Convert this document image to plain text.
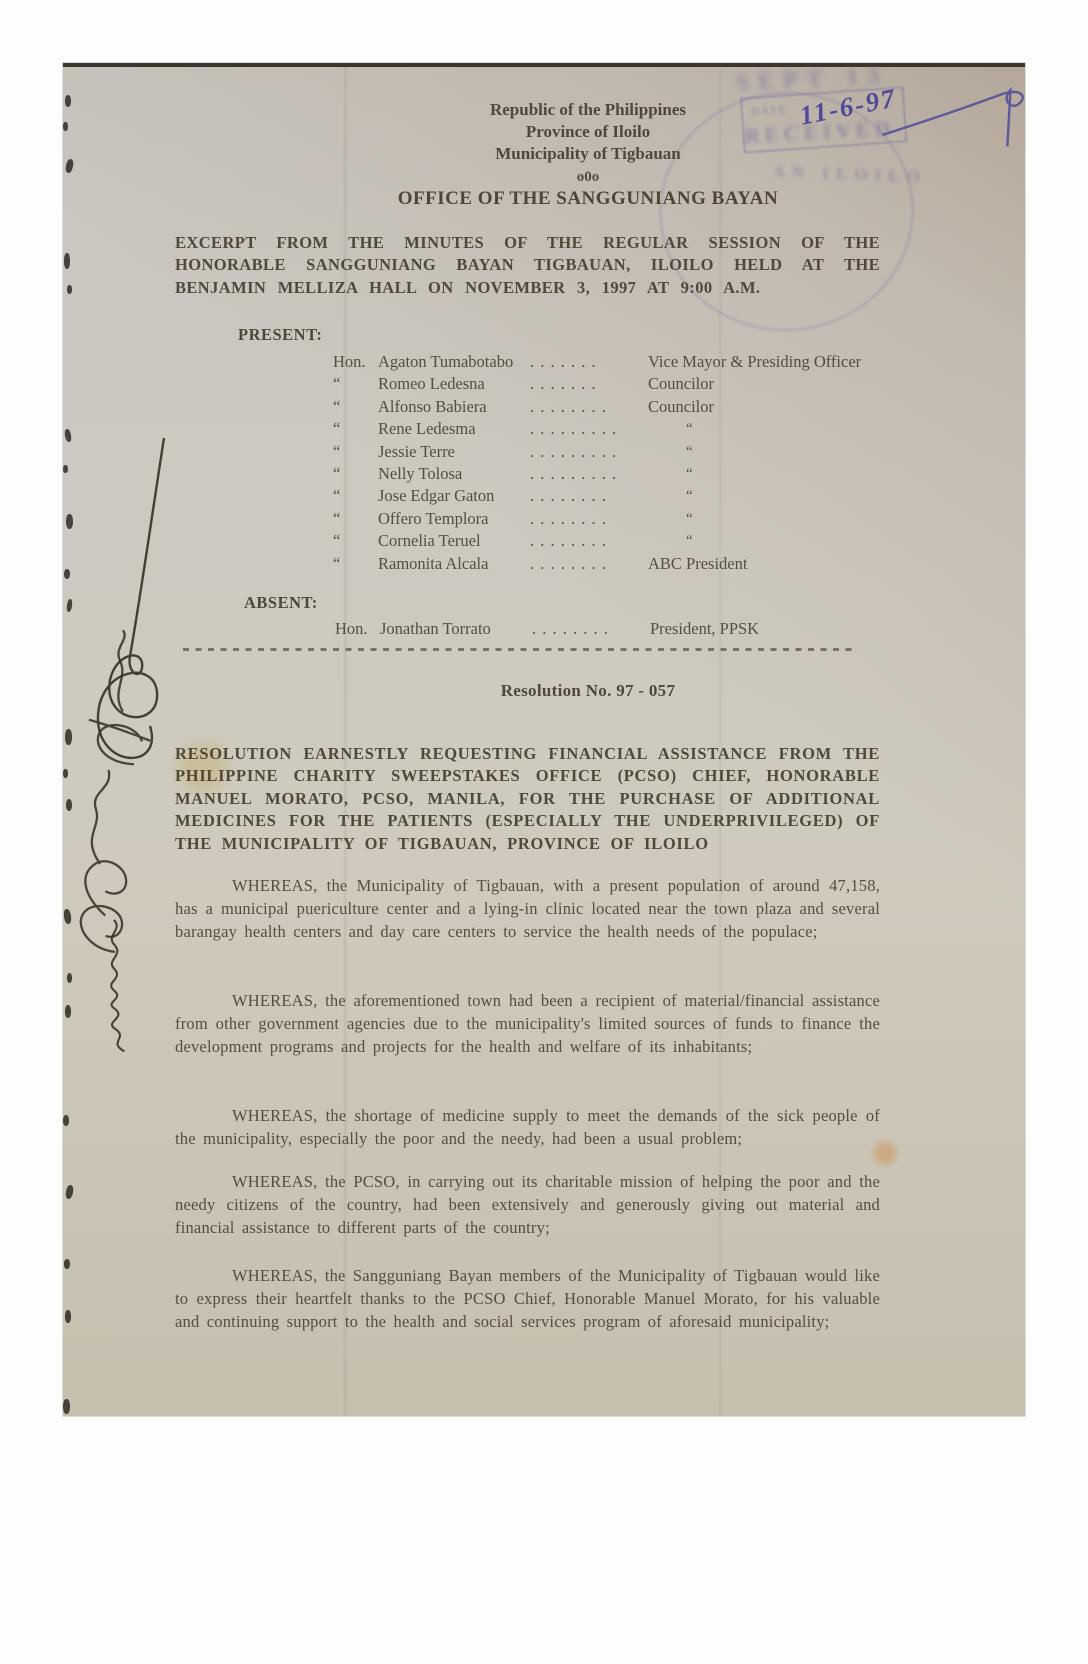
SEPT 13
DATE
RECEIVED
AN ILOILO
11-6-97
Republic of the Philippines
Province of Iloilo
Municipality of Tigbauan
o0o
OFFICE OF THE SANGGUNIANG BAYAN
EXCERPT FROM THE MINUTES OF THE REGULAR SESSION OF THE HONORABLE SANGGUNIANG BAYAN TIGBAUAN, ILOILO HELD AT THE BENJAMIN MELLIZA HALL ON NOVEMBER 3, 1997 AT 9:00 A.M.
PRESENT:
Hon. Agaton Tumabotabo	. . . . . . .	Vice Mayor & Presiding Officer
“	Romeo Ledesna	. . . . . . .	Councilor
“	Alfonso Babiera	. . . . . . . .	Councilor
“	Rene Ledesma	. . . . . . . . .	“
“	Jessie Terre	. . . . . . . . .	“
“	Nelly Tolosa	. . . . . . . . .	“
“	Jose Edgar Gaton	. . . . . . . .	“
“	Offero Templora	. . . . . . . .	“
“	Cornelia Teruel	. . . . . . . .	“
“	Ramonita Alcala	. . . . . . . .	ABC President
ABSENT:
Hon. Jonathan Torrato	. . . . . . . .	President, PPSK
Resolution No. 97 - 057
RESOLUTION EARNESTLY REQUESTING FINANCIAL ASSISTANCE FROM THE PHILIPPINE CHARITY SWEEPSTAKES OFFICE (PCSO) CHIEF, HONORABLE MANUEL MORATO, PCSO, MANILA, FOR THE PURCHASE OF ADDITIONAL MEDICINES FOR THE PATIENTS (ESPECIALLY THE UNDERPRIVILEGED) OF THE MUNICIPALITY OF TIGBAUAN, PROVINCE OF ILOILO
WHEREAS, the Municipality of Tigbauan, with a present population of around 47,158, has a municipal puericulture center and a lying-in clinic located near the town plaza and several barangay health centers and day care centers to service the health needs of the populace;
WHEREAS, the aforementioned town had been a recipient of material/financial assistance from other government agencies due to the municipality's limited sources of funds to finance the development programs and projects for the health and welfare of its inhabitants;
WHEREAS, the shortage of medicine supply to meet the demands of the sick people of the municipality, especially the poor and the needy, had been a usual problem;
WHEREAS, the PCSO, in carrying out its charitable mission of helping the poor and the needy citizens of the country, had been extensively and generously giving out material and financial assistance to different parts of the country;
WHEREAS, the Sangguniang Bayan members of the Municipality of Tigbauan would like to express their heartfelt thanks to the PCSO Chief, Honorable Manuel Morato, for his valuable and continuing support to the health and social services program of aforesaid municipality;
